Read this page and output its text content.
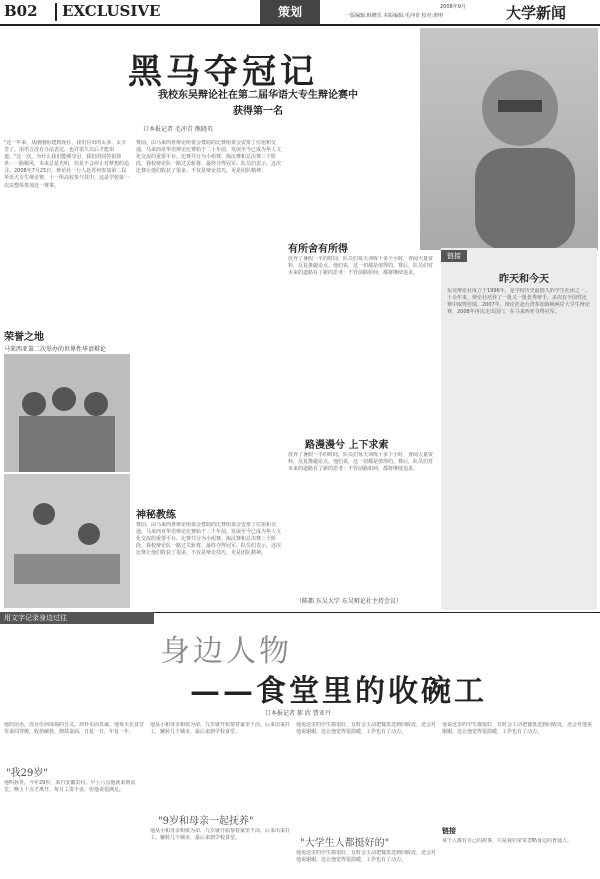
B02 EXCLUSIVE	策划	一版编辑:韩晓乐 本版编辑:毛冲青 校对:黄明
2008年9月	大学新闻
黑马夺冠记
我校东吴辩论社在第二届华语大专生辩论赛中
获得第一名
口本报记者 毛冲青 熊晓英
"这一年来，从刚刚组建到现在，我们付出的太多。太辛苦了，用语言没有办法表达，也许很久以后才能知道。"这一次，为什么我们能够夺冠，我们的回答很简单：一路顺风，未来总是光明，但是不会停止对梦想的追寻。2008年7月25日，辩论社一行人赴苏州参加第二届华语大专生辩论赛，十一所高校参与其中，这是学校第一次以整体参加这一赛事。
荣誉之地
马来西亚第二次举办的世界性华语辩论
赛前，由马来西亚辩论组委会赞助的比赛组委会安排了住宿和交通，马来西亚华语辩论比赛始于二十年前，发展至今已成为华人文化交流的重要平台。比赛共分为小组赛、淘汰赛和总决赛三个阶段，我校辩论队一路过关斩将，最终夺得冠军。队员们表示，这次比赛让他们收获了很多，不仅是辩论技巧，更是团队精神。
神秘教练
赛前，由马来西亚辩论组委会赞助的比赛组委会安排了住宿和交通，马来西亚华语辩论比赛始于二十年前，发展至今已成为华人文化交流的重要平台。比赛共分为小组赛、淘汰赛和总决赛三个阶段，我校辩论队一路过关斩将，最终夺得冠军。队员们表示，这次比赛让他们收获了很多，不仅是辩论技巧，更是团队精神。
有所舍有所得
放弃了暑假一半的时间，队员们每天训练十多个小时，查阅大量资料，反复推敲论点。他们说，这一切都是值得的。赛后，队员们对未来的道路有了新的思考：不管前路如何，都将继续追求。
路漫漫兮 上下求索
放弃了暑假一半的时间，队员们每天训练十多个小时，查阅大量资料，反复推敲论点。他们说，这一切都是值得的。赛后，队员们对未来的道路有了新的思考：不管前路如何，都将继续追求。
（陈都 东吴大学 东吴辩论社主持会议）
链接
昨天和今天
东吴辩论社成立于1996年，是学校历史最悠久的学生社团之一。十余年来，辩论社培养了一批又一批优秀辩手，多次在全国性比赛中取得佳绩。2007年，辩论社赴台湾参加海峡两岸大学生辩论赛，2008年再次走出国门，在马来西亚夺得冠军。
用文字记录身边过往
身边人物
——食堂里的收碗工
口本报记者 郝 欣 曹亚丹
他的话语，没有任何深刻的含义，却朴实而真诚。他每天在食堂里来回穿梭，收拾碗筷，擦拭桌面，日复一日，年复一年。
"我29岁"
他叫孙青，今年29岁，来自安徽农村。早上六点他就来到食堂，晚上十点才离开，每月工资不多，但他说很满足。
他从小和母亲相依为命，九岁就开始帮着家里干活。后来出来打工，辗转几个城市，最后来到学校食堂。
"9岁和母亲一起抚养"
他从小和母亲相依为命，九岁就开始帮着家里干活。后来出来打工，辗转几个城市，最后来到学校食堂。
他说这里的学生都很好，有时会主动把餐盘送到回收处，还会对他说谢谢。这让他觉得很温暖，工作也有了动力。
"大学生人都挺好的"
他说这里的学生都很好，有时会主动把餐盘送到回收处，还会对他说谢谢。这让他觉得很温暖，工作也有了动力。
他说这里的学生都很好，有时会主动把餐盘送到回收处，还会对他说谢谢。这让他觉得很温暖，工作也有了动力。
链接
每个人都有自己的故事，只是我们常常忽略身边的普通人。
